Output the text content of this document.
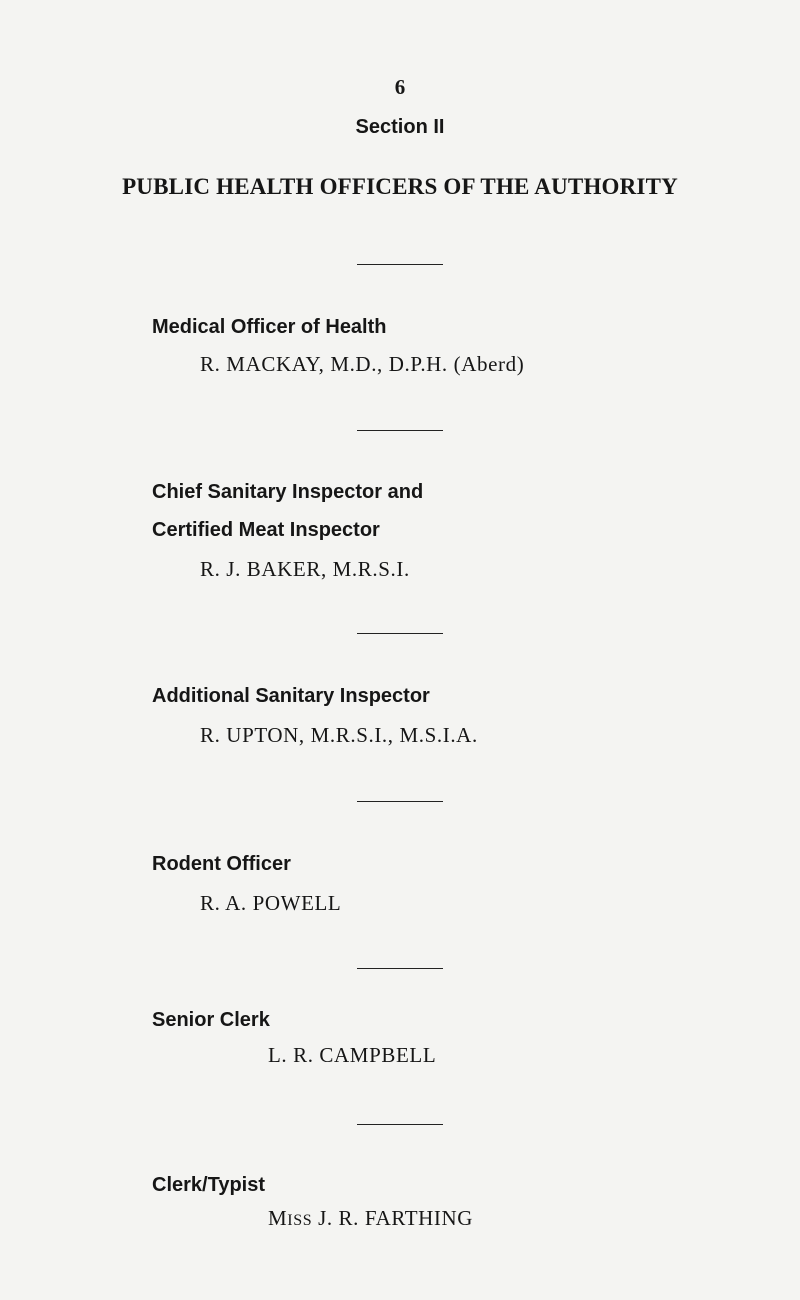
6
Section II
PUBLIC HEALTH OFFICERS OF THE AUTHORITY
Medical Officer of Health
R. MACKAY, M.D., D.P.H. (Aberd)
Chief Sanitary Inspector and
Certified Meat Inspector
R. J. BAKER, M.R.S.I.
Additional Sanitary Inspector
R. UPTON, M.R.S.I., M.S.I.A.
Rodent Officer
R. A. POWELL
Senior Clerk
L. R. CAMPBELL
Clerk/Typist
MISS J. R. FARTHING
